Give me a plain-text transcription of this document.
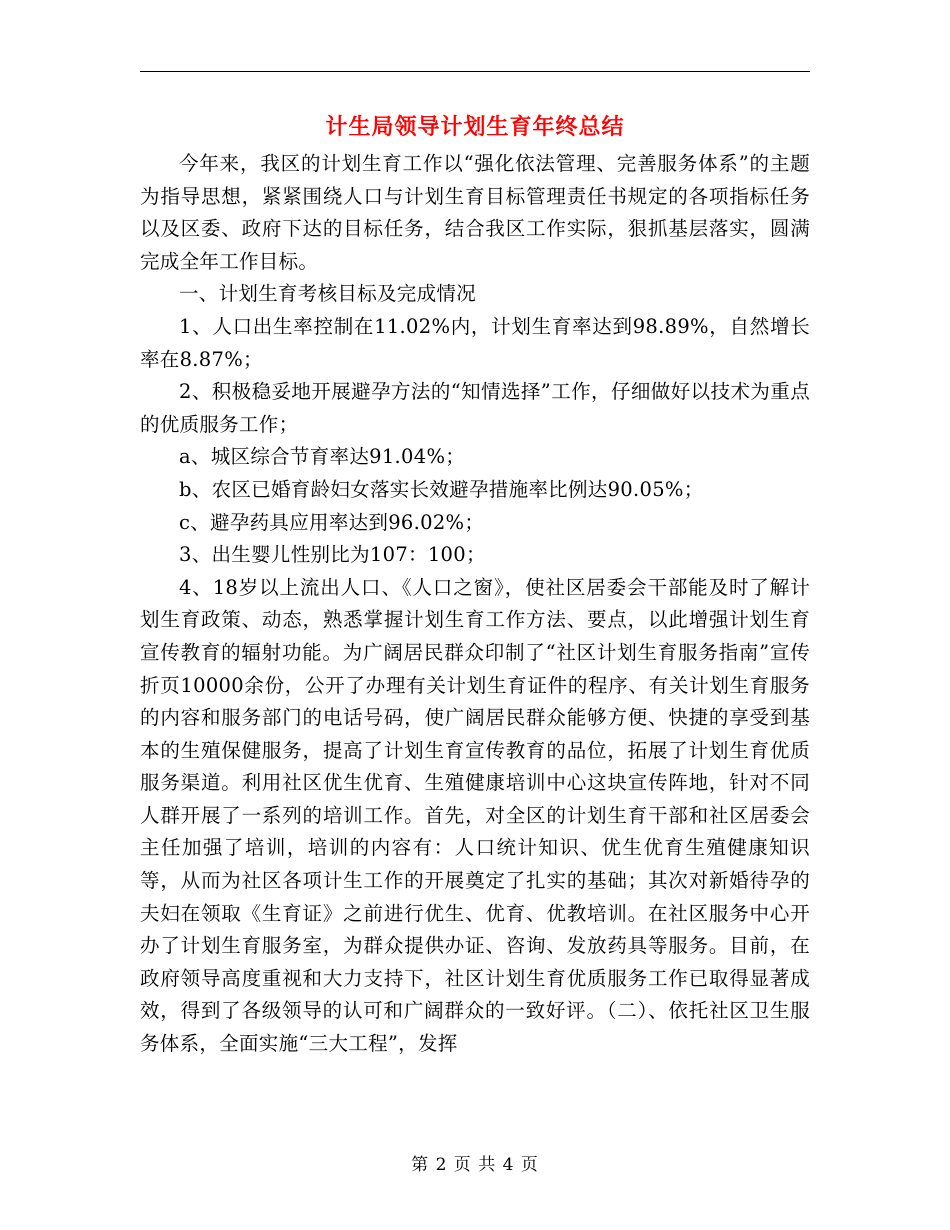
计生局领导计划生育年终总结

今年来，我区的计划生育工作以“强化依法管理、完善服务体系”的主题为指导思想，紧紧围绕人口与计划生育目标管理责任书规定的各项指标任务以及区委、政府下达的目标任务，结合我区工作实际，狠抓基层落实，圆满完成全年工作目标。

一、计划生育考核目标及完成情况

1、人口出生率控制在11.02%内，计划生育率达到98.89%，自然增长率在8.87%；

2、积极稳妥地开展避孕方法的“知情选择”工作，仔细做好以技术为重点的优质服务工作；

a、城区综合节育率达91.04%；

b、农区已婚育龄妇女落实长效避孕措施率比例达90.05%；

c、避孕药具应用率达到96.02%；

3、出生婴儿性别比为107：100；

4、18岁以上流出人口、《人口之窗》，使社区居委会干部能及时了解计划生育政策、动态，熟悉掌握计划生育工作方法、要点，以此增强计划生育宣传教育的辐射功能。为广阔居民群众印制了“社区计划生育服务指南”宣传折页10000余份，公开了办理有关计划生育证件的程序、有关计划生育服务的内容和服务部门的电话号码，使广阔居民群众能够方便、快捷的享受到基本的生殖保健服务，提高了计划生育宣传教育的品位，拓展了计划生育优质服务渠道。利用社区优生优育、生殖健康培训中心这块宣传阵地，针对不同人群开展了一系列的培训工作。首先，对全区的计划生育干部和社区居委会主任加强了培训，培训的内容有：人口统计知识、优生优育生殖健康知识等，从而为社区各项计生工作的开展奠定了扎实的基础；其次对新婚待孕的夫妇在领取《生育证》之前进行优生、优育、优教培训。在社区服务中心开办了计划生育服务室，为群众提供办证、咨询、发放药具等服务。目前，在政府领导高度重视和大力支持下，社区计划生育优质服务工作已取得显著成效，得到了各级领导的认可和广阔群众的一致好评。（二）、依托社区卫生服务体系，全面实施“三大工程”，发挥

第 2 页 共 4 页
